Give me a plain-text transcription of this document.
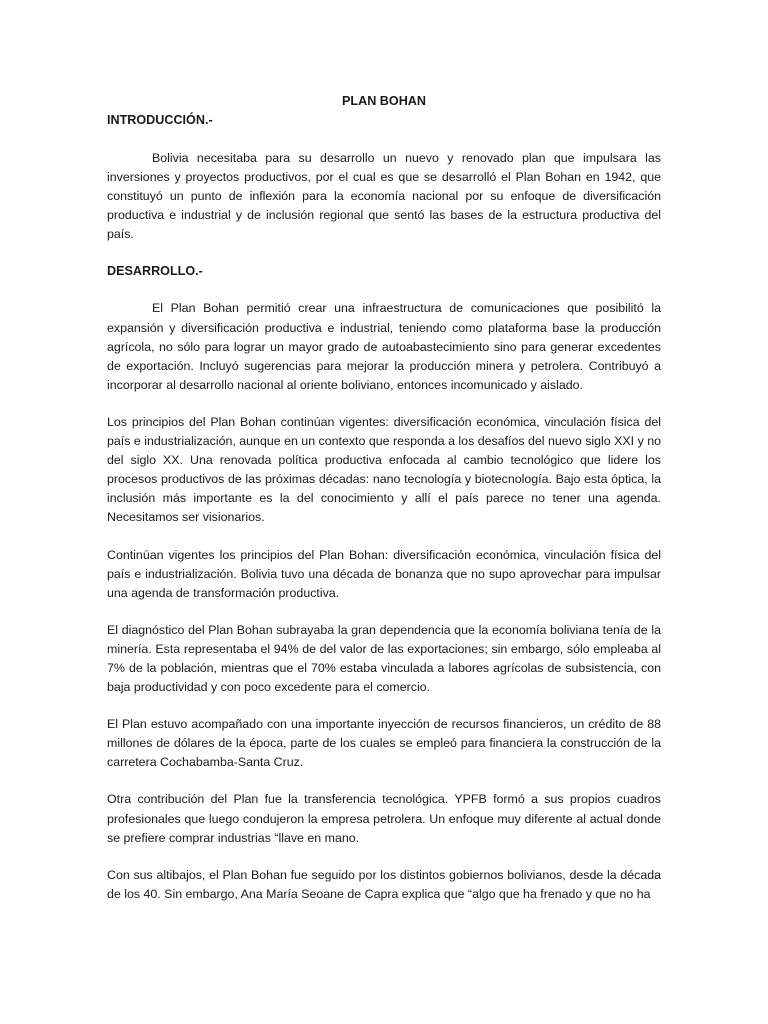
PLAN BOHAN

INTRODUCCIÓN.-

Bolivia necesitaba para su desarrollo un nuevo y renovado plan que impulsara las inversiones y proyectos productivos, por el cual es que se desarrolló el Plan Bohan en 1942, que constituyó un punto de inflexión para la economía nacional por su enfoque de diversificación productiva e industrial y de inclusión regional que sentó las bases de la estructura productiva del país.

DESARROLLO.-

El Plan Bohan permitió crear una infraestructura de comunicaciones que posibilitó la expansión y diversificación productiva e industrial, teniendo como plataforma base la producción agrícola, no sólo para lograr un mayor grado de autoabastecimiento sino para generar excedentes de exportación. Incluyó sugerencias para mejorar la producción minera y petrolera. Contribuyó a incorporar al desarrollo nacional al oriente boliviano, entonces incomunicado y aislado.

Los principios del Plan Bohan continúan vigentes: diversificación económica, vinculación física del país e industrialización, aunque en un contexto que responda a los desafíos del nuevo siglo XXI y no del siglo XX. Una renovada política productiva enfocada al cambio tecnológico que lidere los procesos productivos de las próximas décadas: nano tecnología y biotecnología. Bajo esta óptica, la inclusión más importante es la del conocimiento y allí el país parece no tener una agenda. Necesitamos ser visionarios.

Continúan vigentes los principios del Plan Bohan: diversificación económica, vinculación física del país e industrialización. Bolivia tuvo una década de bonanza que no supo aprovechar para impulsar una agenda de transformación productiva.

El diagnóstico del Plan Bohan subrayaba la gran dependencia que la economía boliviana tenía de la minería. Esta representaba el 94% de del valor de las exportaciones; sin embargo, sólo empleaba al 7% de la población, mientras que el 70% estaba vinculada a labores agrícolas de subsistencia, con baja productividad y con poco excedente para el comercio.

El Plan estuvo acompañado con una importante inyección de recursos financieros, un crédito de 88 millones de dólares de la época, parte de los cuales se empleó para financiera la construcción de la carretera Cochabamba-Santa Cruz.

Otra contribución del Plan fue la transferencia tecnológica. YPFB formó a sus propios cuadros profesionales que luego condujeron la empresa petrolera. Un enfoque muy diferente al actual donde se prefiere comprar industrias “llave en mano.

Con sus altibajos, el Plan Bohan fue seguido por los distintos gobiernos bolivianos, desde la década de los 40. Sin embargo, Ana María Seoane de Capra explica que “algo que ha frenado y que no ha
